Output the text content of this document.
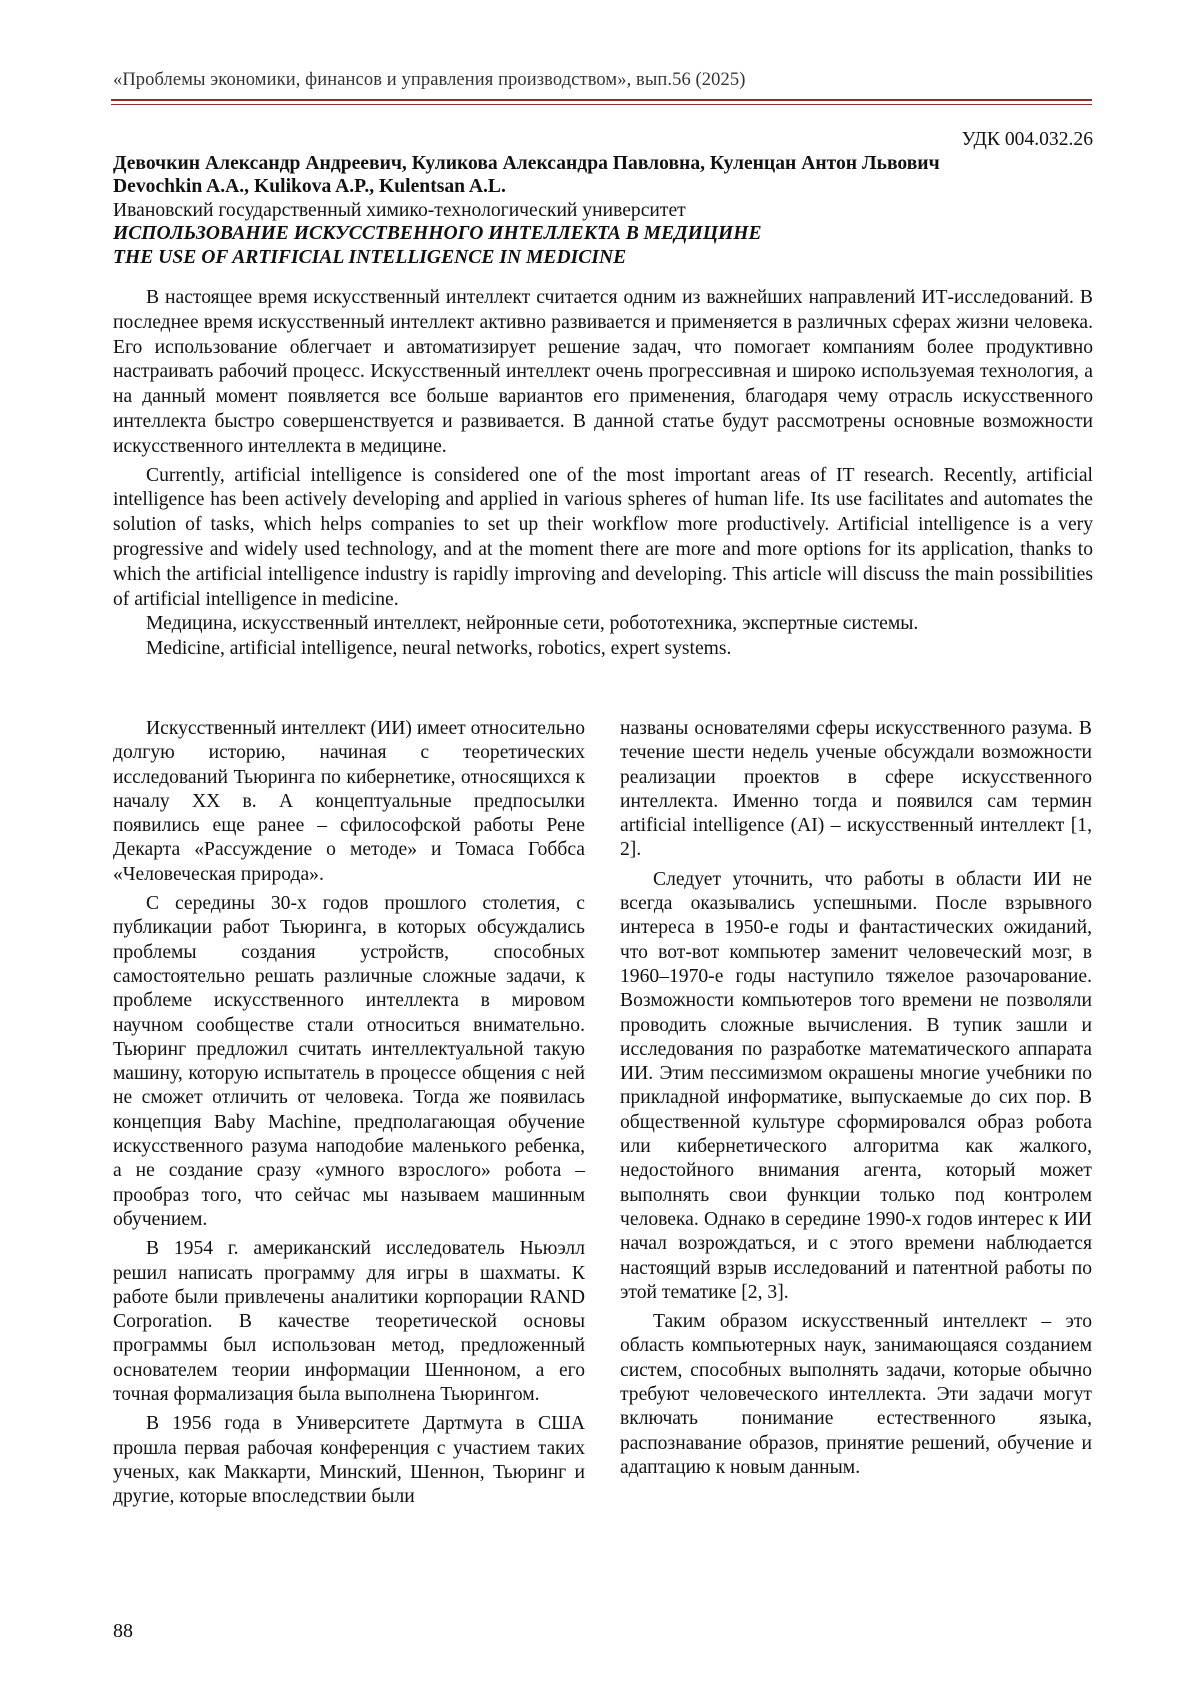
«Проблемы экономики, финансов и управления производством», вып.56 (2025)

УДК 004.032.26

Девочкин Александр Андреевич, Куликова Александра Павловна, Куленцан Антон Львович

Devochkin A.A., Kulikova A.P., Kulentsan A.L.

Ивановский государственный химико-технологический университет

ИСПОЛЬЗОВАНИЕ ИСКУССТВЕННОГО ИНТЕЛЛЕКТА В МЕДИЦИНЕ

THE USE OF ARTIFICIAL INTELLIGENCE IN MEDICINE

В настоящее время искусственный интеллект считается одним из важнейших направлений ИТ-исследований. В последнее время искусственный интеллект активно развивается и применяется в различных сферах жизни человека. Его использование облегчает и автоматизирует решение задач, что помогает компаниям более продуктивно настраивать рабочий процесс. Искусственный интеллект очень прогрессивная и широко используемая технология, а на данный момент появляется все больше вариантов его применения, благодаря чему отрасль искусственного интеллекта быстро совершенствуется и развивается. В данной статье будут рассмотрены основные возможности искусственного интеллекта в медицине.

Currently, artificial intelligence is considered one of the most important areas of IT research. Recently, artificial intelligence has been actively developing and applied in various spheres of human life. Its use facilitates and automates the solution of tasks, which helps companies to set up their workflow more productively. Artificial intelligence is a very progressive and widely used technology, and at the moment there are more and more options for its application, thanks to which the artificial intelligence industry is rapidly improving and developing. This article will discuss the main possibilities of artificial intelligence in medicine.

Медицина, искусственный интеллект, нейронные сети, робототехника, экспертные системы.

Medicine, artificial intelligence, neural networks, robotics, expert systems.

Искусственный интеллект (ИИ) имеет относительно долгую историю, начиная с теоретических исследований Тьюринга по кибернетике, относящихся к началу XX в. А концептуальные предпосылки появились еще ранее – сфилософской работы Рене Декарта «Рассуждение о методе» и Томаса Гоббса «Человеческая природа».

С середины 30-х годов прошлого столетия, с публикации работ Тьюринга, в которых обсуждались проблемы создания устройств, способных самостоятельно решать различные сложные задачи, к проблеме искусственного интеллекта в мировом научном сообществе стали относиться внимательно. Тьюринг предложил считать интеллектуальной такую машину, которую испытатель в процессе общения с ней не сможет отличить от человека. Тогда же появилась концепция Baby Machine, предполагающая обучение искусственного разума наподобие маленького ребенка, а не создание сразу «умного взрослого» робота – прообраз того, что сейчас мы называем машинным обучением.

В 1954 г. американский исследователь Ньюэлл решил написать программу для игры в шахматы. К работе были привлечены аналитики корпорации RAND Corporation. В качестве теоретической основы программы был использован метод, предложенный основателем теории информации Шенноном, а его точная формализация была выполнена Тьюрингом.

В 1956 года в Университете Дартмута в США прошла первая рабочая конференция с участием таких ученых, как Маккарти, Минский, Шеннон, Тьюринг и другие, которые впоследствии были

названы основателями сферы искусственного разума. В течение шести недель ученые обсуждали возможности реализации проектов в сфере искусственного интеллекта. Именно тогда и появился сам термин artificial intelligence (AI) – искусственный интеллект [1, 2].

Следует уточнить, что работы в области ИИ не всегда оказывались успешными. После взрывного интереса в 1950-е годы и фантастических ожиданий, что вот-вот компьютер заменит человеческий мозг, в 1960–1970-е годы наступило тяжелое разочарование. Возможности компьютеров того времени не позволяли проводить сложные вычисления. В тупик зашли и исследования по разработке математического аппарата ИИ. Этим пессимизмом окрашены многие учебники по прикладной информатике, выпускаемые до сих пор. В общественной культуре сформировался образ робота или кибернетического алгоритма как жалкого, недостойного внимания агента, который может выполнять свои функции только под контролем человека. Однако в середине 1990-х годов интерес к ИИ начал возрождаться, и с этого времени наблюдается настоящий взрыв исследований и патентной работы по этой тематике [2, 3].

Таким образом искусственный интеллект – это область компьютерных наук, занимающаяся созданием систем, способных выполнять задачи, которые обычно требуют человеческого интеллекта. Эти задачи могут включать понимание естественного языка, распознавание образов, принятие решений, обучение и адаптацию к новым данным.

88
